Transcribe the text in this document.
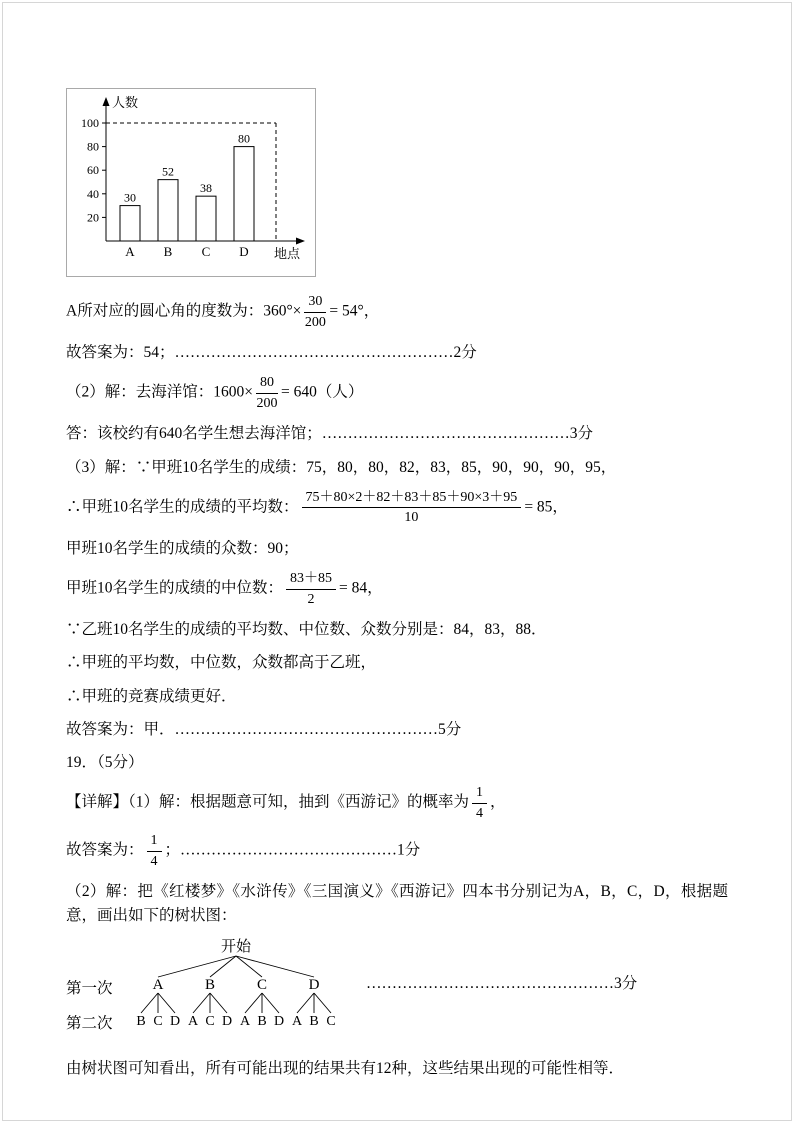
人数
地点
20
40
60
80
100
30
A
52
B
38
C
80
D

A所对应的圆心角的度数为：$360^\circ\times \frac{30}{200} = 54^\circ$，

故答案为：54；………………………………………………2分

（2）解：去海洋馆：$1600\times \frac{80}{200} = 640$（人）

答：该校约有640名学生想去海洋馆；…………………………………………3分

（3）解：∵甲班10名学生的成绩：75，80，80，82，83，85，90，90，90，95，

∴甲班10名学生的成绩的平均数： $\frac{75+80\times 2+82+83+85+90\times 3+95}{10} = 85$，

甲班10名学生的成绩的众数：90；

甲班10名学生的成绩的中位数： $\frac{83+85}{2} = 84$，

∵乙班10名学生的成绩的平均数、中位数、众数分别是：84，83，88．

∴甲班的平均数，中位数，众数都高于乙班，

∴甲班的竞赛成绩更好．

故答案为：甲．……………………………………………5分

19．（5分）

【详解】（1）解：根据题意可知，抽到《西游记》的概率为 $\frac{1}{4}$ ，

故答案为： $\frac{1}{4}$ ；……………………………………1分

（2）解：把《红楼梦》《水浒传》《三国演义》《西游记》四本书分别记为A，B，C，D，根据题意，画出如下的树状图：

第一次
第二次
开始
A
B C D
B
A C D
C
A B D
D
A B C
…………………………………………3分

由树状图可知看出，所有可能出现的结果共有12种，这些结果出现的可能性相等．
